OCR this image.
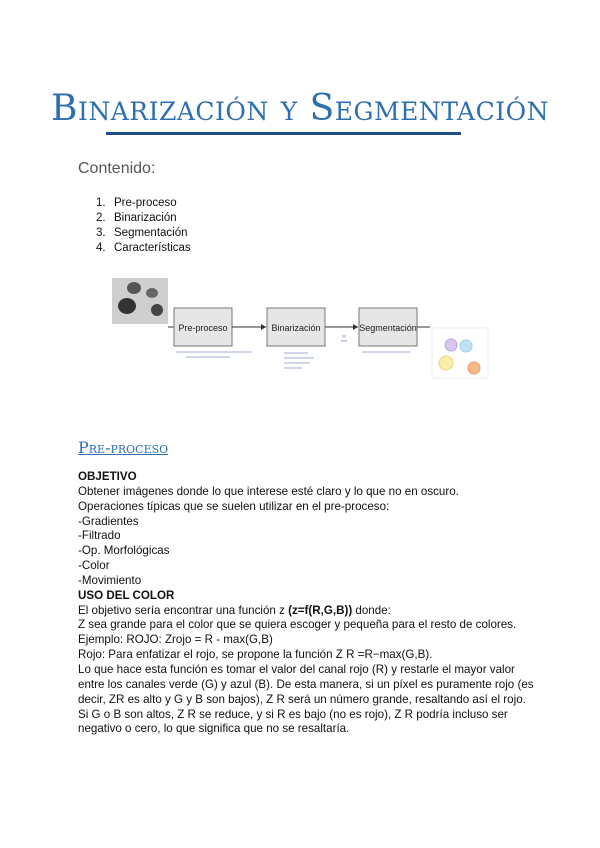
Binarización y Segmentación
Contenido:
1. Pre-proceso
2. Binarización
3. Segmentación
4. Características
Pre-proceso	Binarización	Segmentación
Pre-proceso

OBJETIVO

Obtener imágenes donde lo que interese esté claro y lo que no en oscuro.

Operaciones típicas que se suelen utilizar en el pre-proceso:

-Gradientes

-Filtrado

-Op. Morfológicas

-Color

-Movimiento

USO DEL COLOR

El objetivo sería encontrar una función z (z=f(R,G,B)) donde:

Z sea grande para el color que se quiera escoger y pequeña para el resto de colores.

Ejemplo: ROJO: Zrojo = R - max(G,B)

Rojo: Para enfatizar el rojo, se propone la función Z R =R−max(G,B).

Lo que hace esta función es tomar el valor del canal rojo (R) y restarle el mayor valor entre los canales verde (G) y azul (B). De esta manera, si un píxel es puramente rojo (es decir, ZR es alto y G y B son bajos), Z R será un número grande, resaltando así el rojo. Si G o B son altos, Z R se reduce, y si R es bajo (no es rojo), Z R podría incluso ser negativo o cero, lo que significa que no se resaltaría.
